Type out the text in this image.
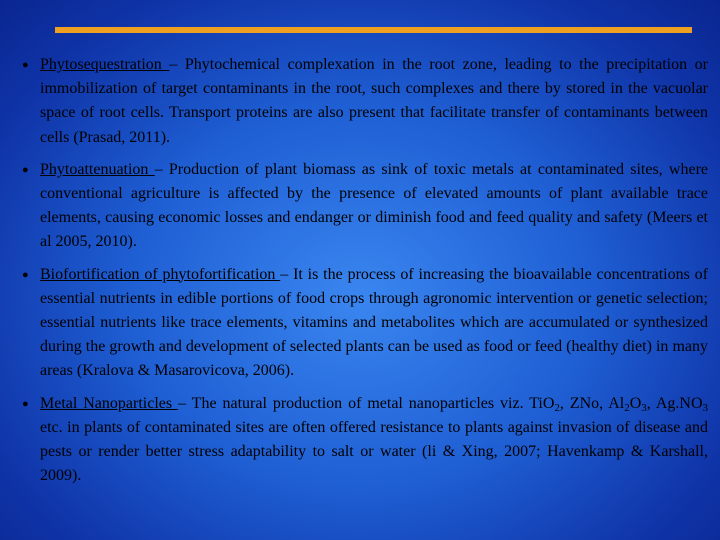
● Phytosequestration – Phytochemical complexation in the root zone, leading to the precipitation or immobilization of target contaminants in the root, such complexes and there by stored in the vacuolar space of root cells. Transport proteins are also present that facilitate transfer of contaminants between cells (Prasad, 2011).
● Phytoattenuation – Production of plant biomass as sink of toxic metals at contaminated sites, where conventional agriculture is affected by the presence of elevated amounts of plant available trace elements, causing economic losses and endanger or diminish food and feed quality and safety (Meers et al 2005, 2010).
● Biofortification of phytofortification – It is the process of increasing the bioavailable concentrations of essential nutrients in edible portions of food crops through agronomic intervention or genetic selection; essential nutrients like trace elements, vitamins and metabolites which are accumulated or synthesized during the growth and development of selected plants can be used as food or feed (healthy diet) in many areas (Kralova & Masarovicova, 2006).
● Metal Nanoparticles – The natural production of metal nanoparticles viz. TiO$_2$, ZNo, $Al_2O_3$, $Ag.NO_3$ etc. in plants of contaminated sites are often offered resistance to plants against invasion of disease and pests or render better stress adaptability to salt or water (li & Xing, 2007; Havenkamp & Karshall, 2009).
